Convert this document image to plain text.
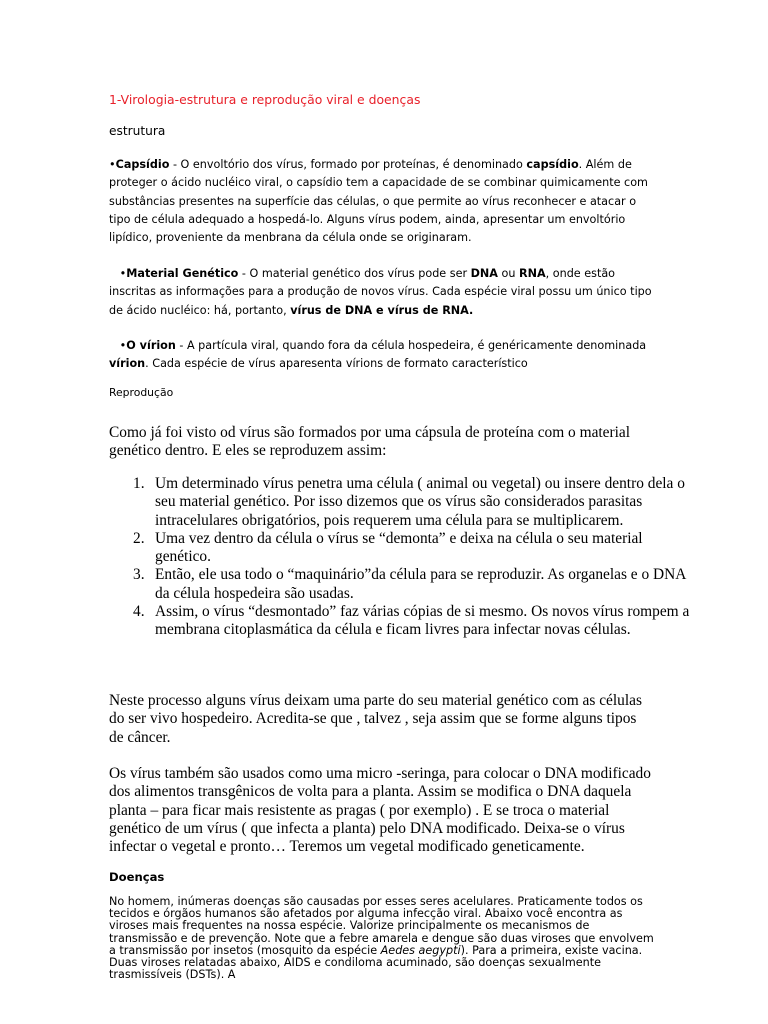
1-Virologia-estrutura e reprodução viral e doenças
estrutura

•Capsídio - O envoltório dos vírus, formado por proteínas, é denominado capsídio. Além de proteger o ácido nucléico viral, o capsídio tem a capacidade de se combinar quimicamente com substâncias presentes na superfície das células, o que permite ao vírus reconhecer e atacar o tipo de célula adequado a hospedá-lo. Alguns vírus podem, ainda, apresentar um envoltório lipídico, proveniente da menbrana da célula onde se originaram.

•Material Genético - O material genético dos vírus pode ser DNA ou RNA, onde estão inscritas as informações para a produção de novos vírus. Cada espécie viral possu um único tipo de ácido nucléico: há, portanto, vírus de DNA e vírus de RNA.

•O vírion - A partícula viral, quando fora da célula hospedeira, é genéricamente denominada vírion. Cada espécie de vírus aparesenta vírions de formato característico

Reprodução

Como já foi visto od vírus são formados por uma cápsula de proteína com o material genético dentro. E eles se reproduzem assim:

1. Um determinado vírus penetra uma célula ( animal ou vegetal) ou insere dentro dela o seu material genético. Por isso dizemos que os vírus são considerados parasitas intracelulares obrigatórios, pois requerem uma célula para se multiplicarem.
2. Uma vez dentro da célula o vírus se “demonta” e deixa na célula o seu material genético.
3. Então, ele usa todo o “maquinário”da célula para se reproduzir. As organelas e o DNA da célula hospedeira são usadas.
4. Assim, o vírus “desmontado” faz várias cópias de si mesmo. Os novos vírus rompem a membrana citoplasmática da célula e ficam livres para infectar novas células.

Neste processo alguns vírus deixam uma parte do seu material genético com as células do ser vivo hospedeiro. Acredita-se que , talvez , seja assim que se forme alguns tipos de câncer.

Os vírus também são usados como uma micro -seringa, para colocar o DNA modificado dos alimentos transgênicos de volta para a planta. Assim se modifica o DNA daquela planta – para ficar mais resistente as pragas ( por exemplo) . E se troca o material genético de um vírus ( que infecta a planta) pelo DNA modificado. Deixa-se o vírus infectar o vegetal e pronto… Teremos um vegetal modificado geneticamente.

Doenças

No homem, inúmeras doenças são causadas por esses seres acelulares. Praticamente todos os tecidos e órgãos humanos são afetados por alguma infecção viral. Abaixo você encontra as viroses mais frequentes na nossa espécie. Valorize principalmente os mecanismos de transmissão e de prevenção. Note que a febre amarela e dengue são duas viroses que envolvem a transmissão por insetos (mosquito da espécie Aedes aegypti). Para a primeira, existe vacina. Duas viroses relatadas abaixo, AIDS e condiloma acuminado, são doenças sexualmente trasmissíveis (DSTs). A
